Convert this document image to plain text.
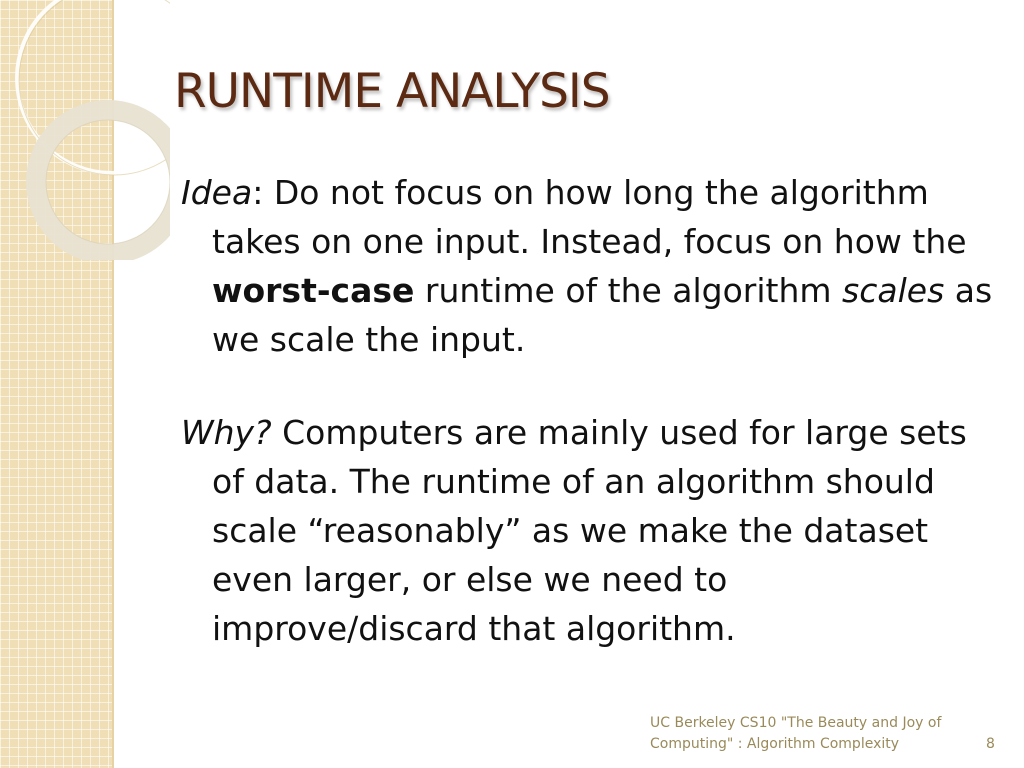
RUNTIME ANALYSIS

Idea: Do not focus on how long the algorithm takes on one input. Instead, focus on how the worst-case runtime of the algorithm scales as we scale the input.

Why? Computers are mainly used for large sets of data. The runtime of an algorithm should scale “reasonably” as we make the dataset even larger, or else we need to improve/discard that algorithm.

UC Berkeley CS10 "The Beauty and Joy of Computing" : Algorithm Complexity	8
